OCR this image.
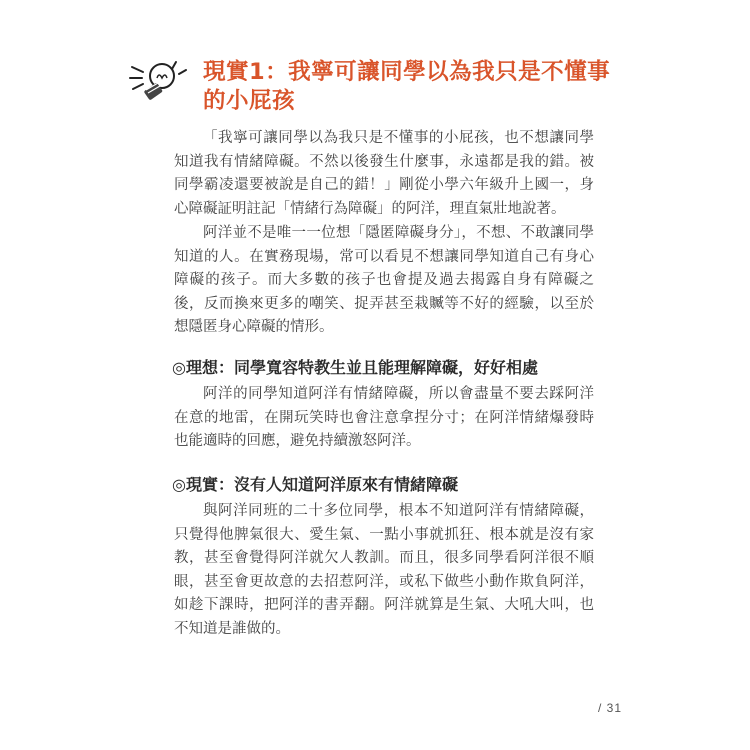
現實1：我寧可讓同學以為我只是不懂事
的小屁孩

「我寧可讓同學以為我只是不懂事的小屁孩，也不想讓同學知道我有情緒障礙。不然以後發生什麼事，永遠都是我的錯。被同學霸凌還要被說是自己的錯！」剛從小學六年級升上國一，身心障礙証明註記「情緒行為障礙」的阿洋，理直氣壯地說著。

阿洋並不是唯一一位想「隱匿障礙身分」，不想、不敢讓同學知道的人。在實務現場，常可以看見不想讓同學知道自己有身心障礙的孩子。而大多數的孩子也會提及過去揭露自身有障礙之後，反而換來更多的嘲笑、捉弄甚至栽贓等不好的經驗，以至於想隱匿身心障礙的情形。

◎理想：同學寬容特教生並且能理解障礙，好好相處

阿洋的同學知道阿洋有情緒障礙，所以會盡量不要去踩阿洋在意的地雷，在開玩笑時也會注意拿捏分寸；在阿洋情緒爆發時也能適時的回應，避免持續激怒阿洋。

◎現實：沒有人知道阿洋原來有情緒障礙

與阿洋同班的二十多位同學，根本不知道阿洋有情緒障礙，只覺得他脾氣很大、愛生氣、一點小事就抓狂、根本就是沒有家教，甚至會覺得阿洋就欠人教訓。而且，很多同學看阿洋很不順眼，甚至會更故意的去招惹阿洋，或私下做些小動作欺負阿洋，如趁下課時，把阿洋的書弄翻。阿洋就算是生氣、大吼大叫，也不知道是誰做的。

/ 31
